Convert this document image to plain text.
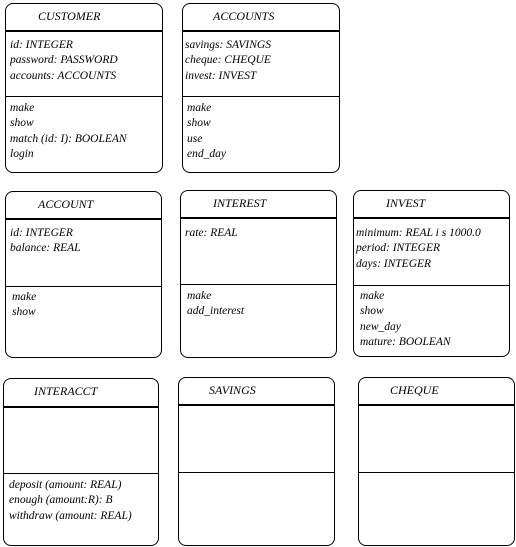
CUSTOMER
id: INTEGER
password: PASSWORD
accounts: ACCOUNTS
make
show
match (id: I): BOOLEAN
login
ACCOUNTS
savings: SAVINGS
cheque: CHEQUE
invest: INVEST
make
show
use
end_day
ACCOUNT
id: INTEGER
balance: REAL
make
show
INTEREST
rate: REAL
make
add_interest
INVEST
minimum: REAL i s 1000.0
period: INTEGER
days: INTEGER
make
show
new_day
mature: BOOLEAN
INTERACCT
deposit (amount: REAL)
enough (amount:R): B
withdraw (amount: REAL)
SAVINGS	CHEQUE
